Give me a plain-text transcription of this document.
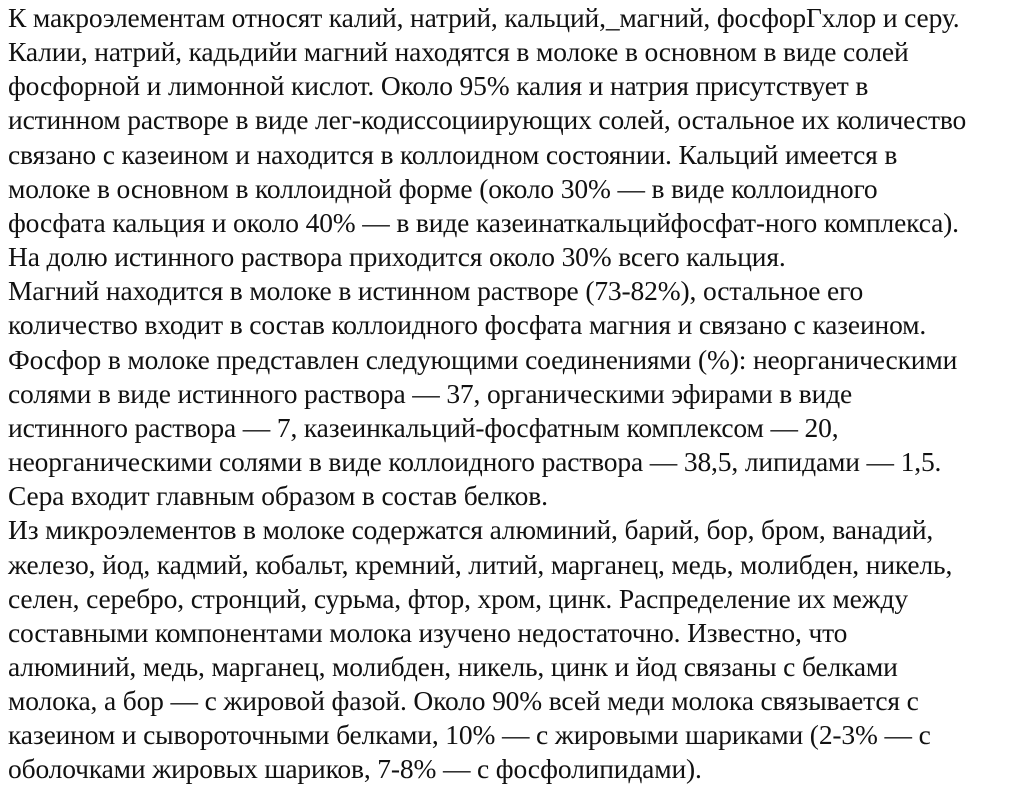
К макроэлементам относят калий, натрий, кальций,_магний, фосфорГхлор и серу.
Калии, натрий, кадьдийи магний находятся в молоке в основном в виде солей
фосфорной и лимонной кислот. Около 95% калия и натрия присутствует в
истинном растворе в виде лег-кодиссоциирующих солей, остальное их количество
связано с казеином и находится в коллоидном состоянии. Кальций имеется в
молоке в основном в коллоидной форме (около 30% — в виде коллоидного
фосфата кальция и около 40% — в виде казеинаткальцийфосфат-ного комплекса).
На долю истинного раствора приходится около 30% всего кальция.
Магний находится в молоке в истинном растворе (73-82%), остальное его
количество входит в состав коллоидного фосфата магния и связано с казеином.
Фосфор в молоке представлен следующими соединениями (%): неорганическими
солями в виде истинного раствора — 37, органическими эфирами в виде
истинного раствора — 7, казеинкальций-фосфатным комплексом — 20,
неорганическими солями в виде коллоидного раствора — 38,5, липидами — 1,5.
Сера входит главным образом в состав белков.
Из микроэлементов в молоке содержатся алюминий, барий, бор, бром, ванадий,
железо, йод, кадмий, кобальт, кремний, литий, марганец, медь, молибден, никель,
селен, серебро, стронций, сурьма, фтор, хром, цинк. Распределение их между
составными компонентами молока изучено недостаточно. Известно, что
алюминий, медь, марганец, молибден, никель, цинк и йод связаны с белками
молока, а бор — с жировой фазой. Около 90% всей меди молока связывается с
казеином и сывороточными белками, 10% — с жировыми шариками (2-3% — с
оболочками жировых шариков, 7-8% — с фосфолипидами).
